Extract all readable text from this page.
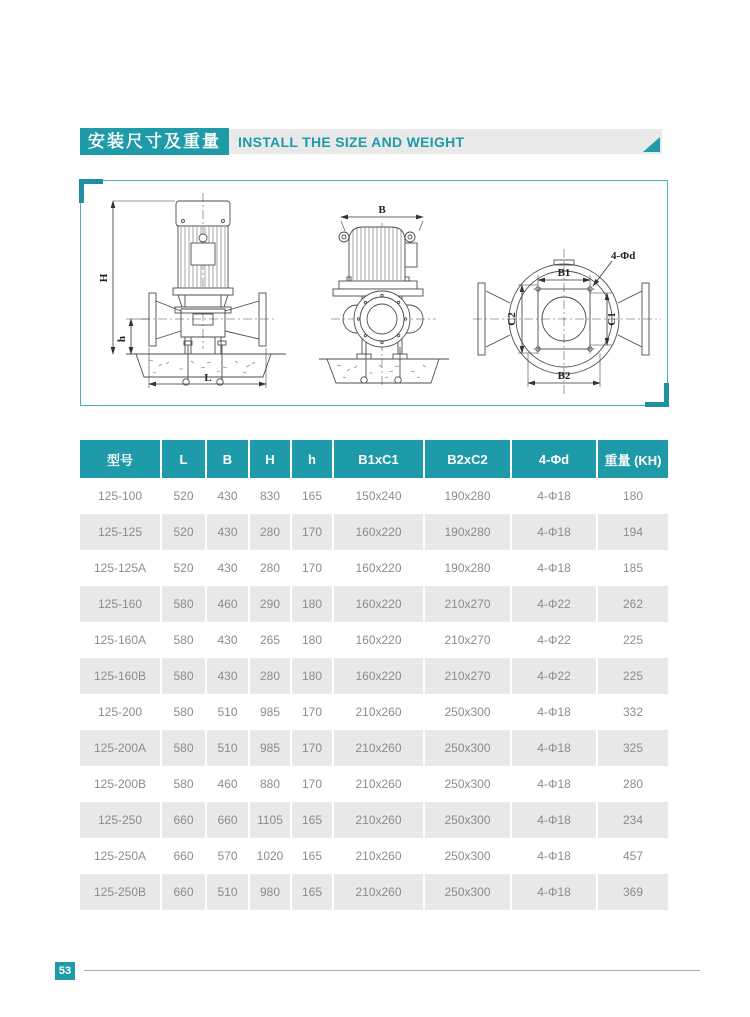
安装尺寸及重量	INSTALL THE SIZE AND WEIGHT
H
h
L
B
B1
B2
C2	C1
4-Φd
型号	L	B	H	h	B1xC1	B2xC2	4-Φd	重量 (KH)
125-100	520	430	830	165	150x240	190x280	4-Φ18	180
125-125	520	430	280	170	160x220	190x280	4-Φ18	194
125-125A	520	430	280	170	160x220	190x280	4-Φ18	185
125-160	580	460	290	180	160x220	210x270	4-Φ22	262
125-160A	580	430	265	180	160x220	210x270	4-Φ22	225
125-160B	580	430	280	180	160x220	210x270	4-Φ22	225
125-200	580	510	985	170	210x260	250x300	4-Φ18	332
125-200A	580	510	985	170	210x260	250x300	4-Φ18	325
125-200B	580	460	880	170	210x260	250x300	4-Φ18	280
125-250	660	660	1105	165	210x260	250x300	4-Φ18	234
125-250A	660	570	1020	165	210x260	250x300	4-Φ18	457
125-250B	660	510	980	165	210x260	250x300	4-Φ18	369
53
